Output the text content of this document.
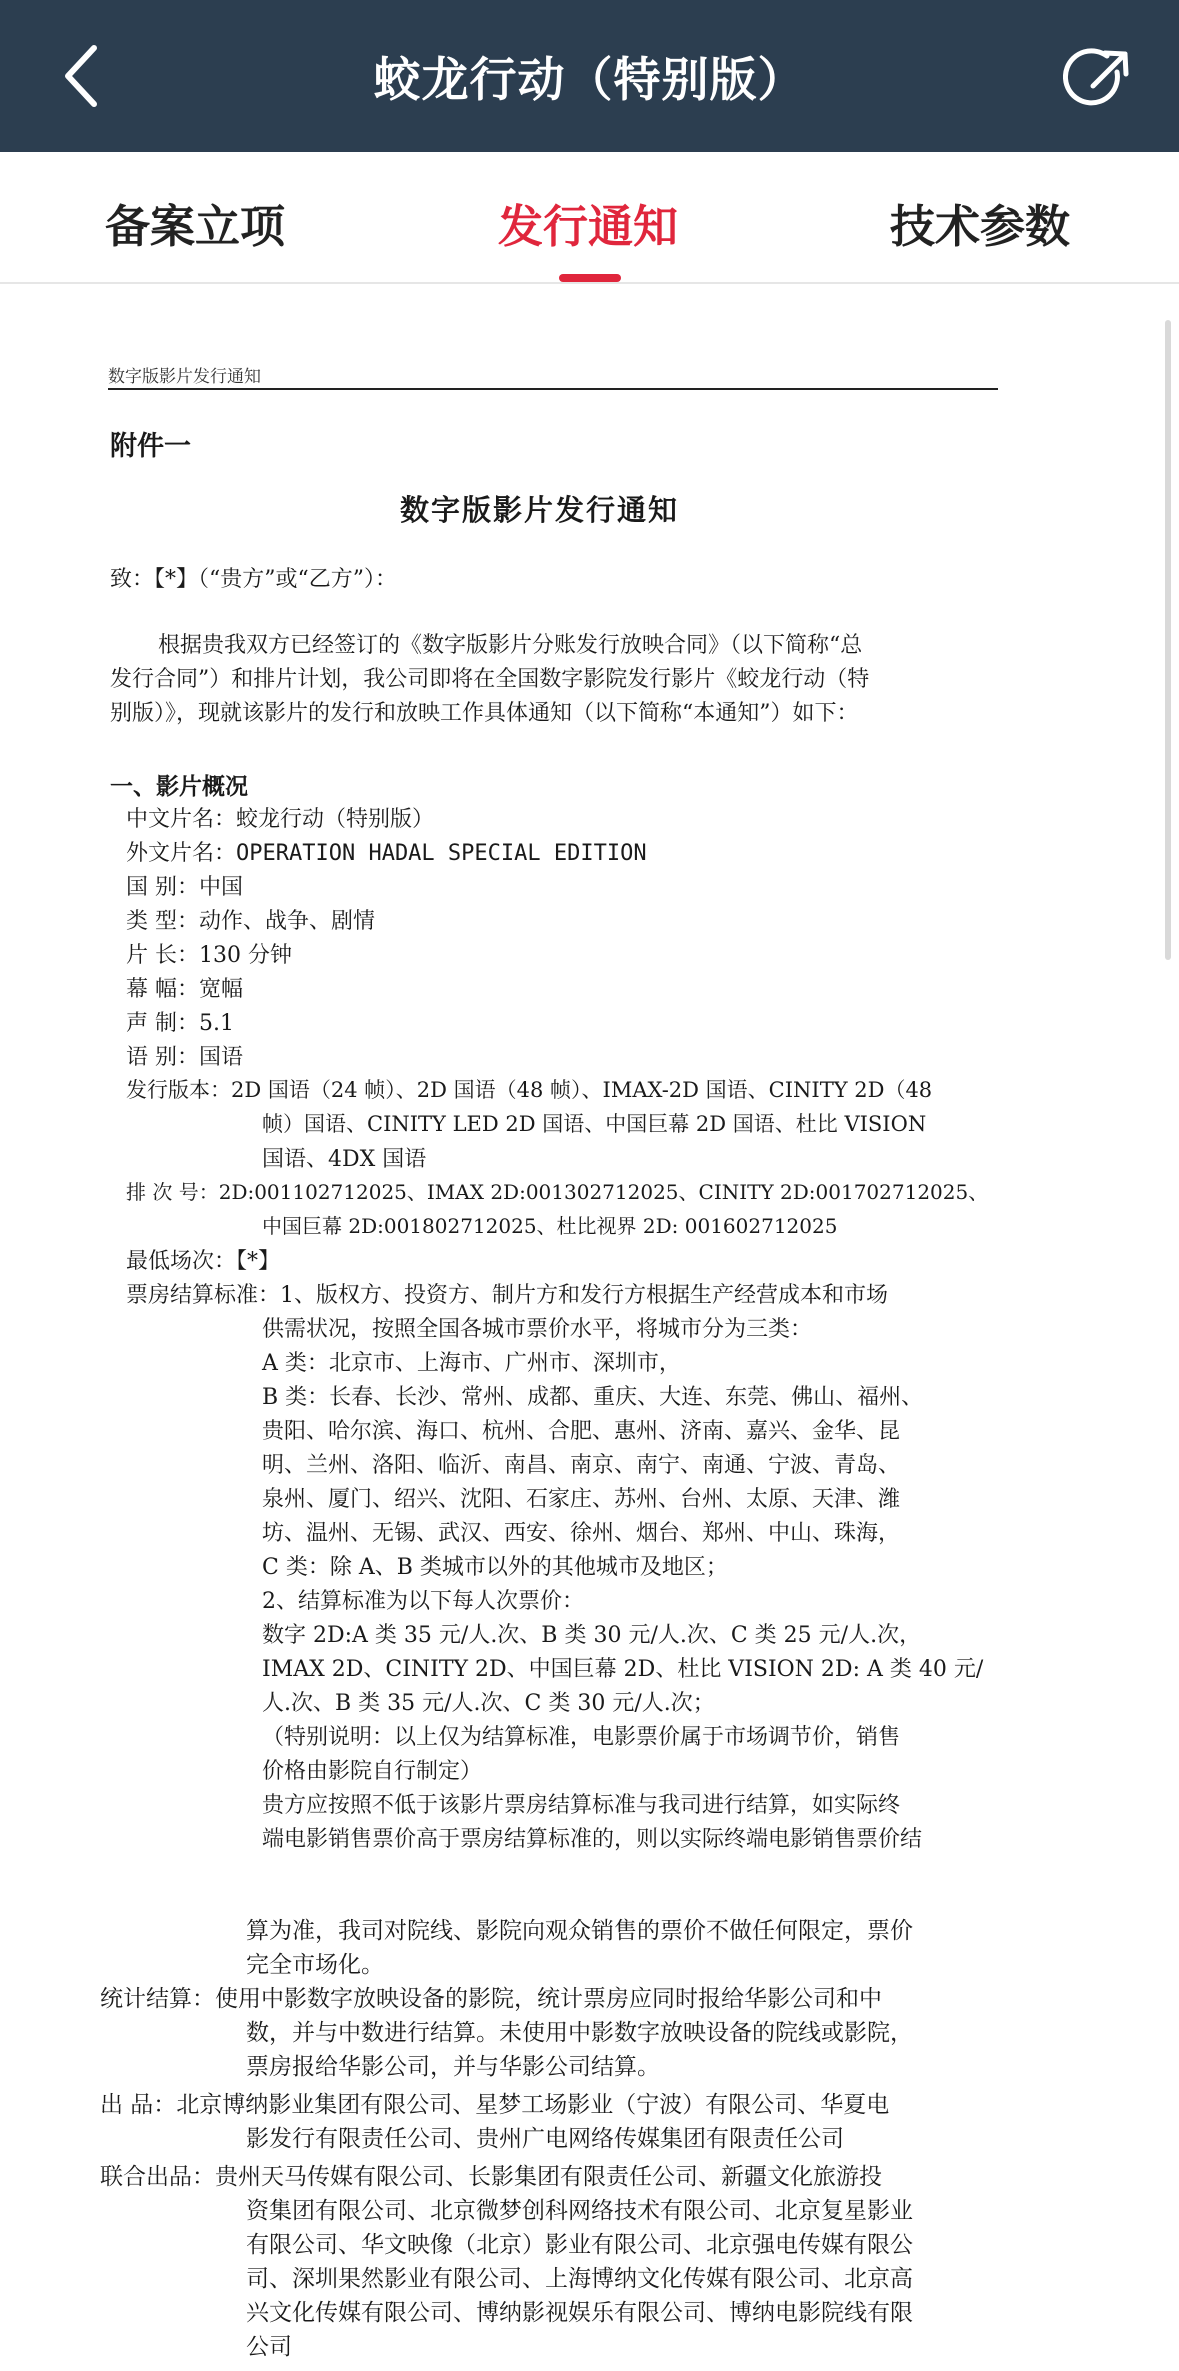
蛟龙行动（特别版）
备案立项	发行通知	技术参数
数字版影片发行通知
附件一
数字版影片发行通知
致：【*】（“贵方”或“乙方”）：
根据贵我双方已经签订的《数字版影片分账发行放映合同》（以下简称“总
发行合同”）和排片计划，我公司即将在全国数字影院发行影片《蛟龙行动（特
别版）》，现就该影片的发行和放映工作具体通知（以下简称“本通知”）如下：
一、影片概况
中文片名：蛟龙行动（特别版）
外文片名：OPERATION HADAL SPECIAL EDITION
国 别：中国
类 型：动作、战争、剧情
片 长：130 分钟
幕 幅：宽幅
声 制：5.1
语 别：国语
发行版本：2D 国语（24 帧）、2D 国语（48 帧）、IMAX-2D 国语、CINITY 2D（48
帧）国语、CINITY LED 2D 国语、中国巨幕 2D 国语、杜比 VISION
国语、4DX 国语
排 次 号：2D:001102712025、IMAX 2D:001302712025、CINITY 2D:001702712025、
中国巨幕 2D:001802712025、杜比视界 2D: 001602712025
最低场次：【*】
票房结算标准：1、版权方、投资方、制片方和发行方根据生产经营成本和市场
供需状况，按照全国各城市票价水平，将城市分为三类：
A 类：北京市、上海市、广州市、深圳市，
B 类：长春、长沙、常州、成都、重庆、大连、东莞、佛山、福州、
贵阳、哈尔滨、海口、杭州、合肥、惠州、济南、嘉兴、金华、昆
明、兰州、洛阳、临沂、南昌、南京、南宁、南通、宁波、青岛、
泉州、厦门、绍兴、沈阳、石家庄、苏州、台州、太原、天津、潍
坊、温州、无锡、武汉、西安、徐州、烟台、郑州、中山、珠海，
C 类：除 A、B 类城市以外的其他城市及地区；
2、结算标准为以下每人次票价：
数字 2D:A 类 35 元/人.次、B 类 30 元/人.次、C 类 25 元/人.次，
IMAX 2D、CINITY 2D、中国巨幕 2D、杜比 VISION 2D: A 类 40 元/
人.次、B 类 35 元/人.次、C 类 30 元/人.次；
（特别说明：以上仅为结算标准，电影票价属于市场调节价，销售
价格由影院自行制定）
贵方应按照不低于该影片票房结算标准与我司进行结算，如实际终
端电影销售票价高于票房结算标准的，则以实际终端电影销售票价结
算为准，我司对院线、影院向观众销售的票价不做任何限定，票价
完全市场化。
统计结算：使用中影数字放映设备的影院，统计票房应同时报给华影公司和中
数，并与中数进行结算。未使用中影数字放映设备的院线或影院，
票房报给华影公司，并与华影公司结算。
出 品：北京博纳影业集团有限公司、星梦工场影业（宁波）有限公司、华夏电
影发行有限责任公司、贵州广电网络传媒集团有限责任公司
联合出品：贵州天马传媒有限公司、长影集团有限责任公司、新疆文化旅游投
资集团有限公司、北京微梦创科网络技术有限公司、北京复星影业
有限公司、华文映像（北京）影业有限公司、北京强电传媒有限公
司、深圳果然影业有限公司、上海博纳文化传媒有限公司、北京高
兴文化传媒有限公司、博纳影视娱乐有限公司、博纳电影院线有限
公司
